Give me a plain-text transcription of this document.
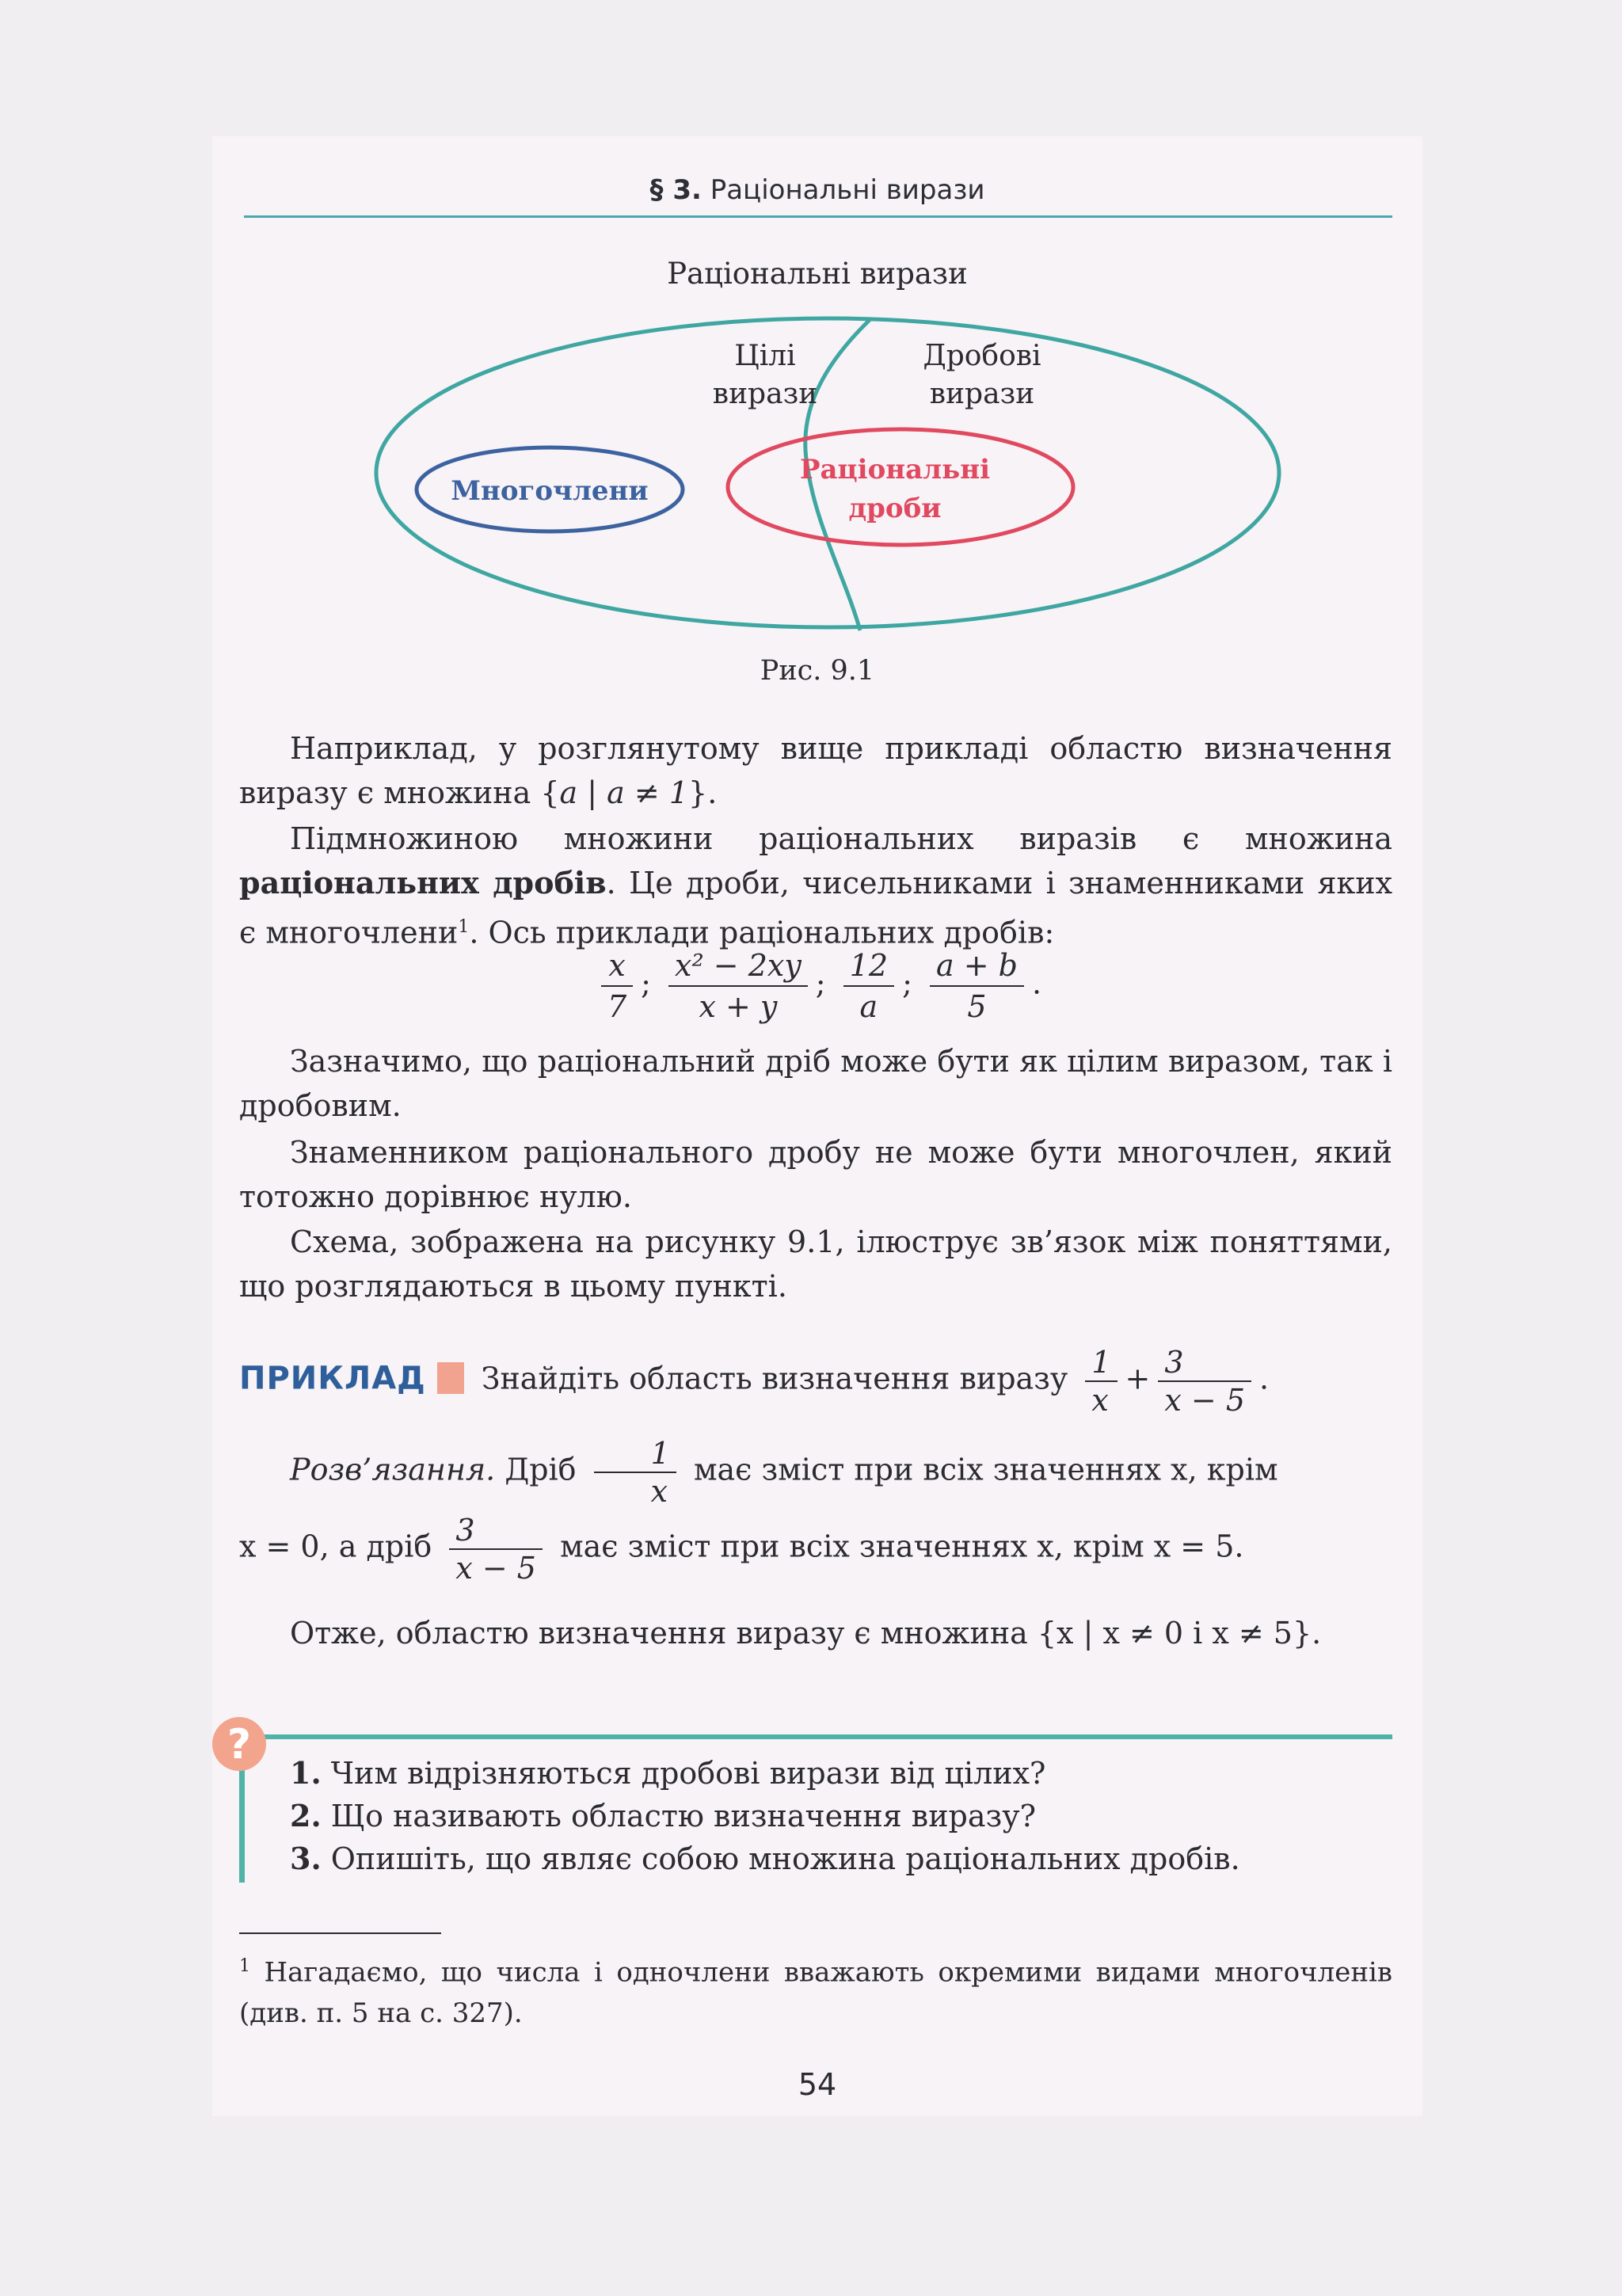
§ 3. Раціональні вирази
Раціональні вирази
Многочлени
Раціональні
дроби
Цілі
вирази
Дробові
вирази
Рис. 9.1
Наприклад, у розглянутому вище прикладі областю визначення виразу є множина {a | a ≠ 1}.
Підмножиною множини раціональних виразів є множина раціональних дробів. Це дроби, чисельниками і знаменниками яких є многочлени$^1$. Ось приклади раціональних дробів:
$\frac{x}{7}$ ; $\frac{\text{x² − 2xy}}{x + y}$ ; $\frac{12}{a}$ ; $\frac{a + b}{5}$ .
Зазначимо, що раціональний дріб може бути як цілим виразом, так і дробовим.
Знаменником раціонального дробу не може бути многочлен, який тотожно дорівнює нулю.
Схема, зображена на рисунку 9.1, ілюструє зв’язок між поняттями, що розглядаються в цьому пункті.
ПРИКЛАД Знайдіть область визначення виразу $\frac{1}{x} + \frac{3}{x - 5}$ .
Розв’язання. Дріб $\frac{1}{x}$ має зміст при всіх значеннях x, крім
x = 0, а дріб $\frac{3}{x - 5}$ має зміст при всіх значеннях x, крім x = 5.
Отже, областю визначення виразу є множина {x | x ≠ 0 і x ≠ 5}.
?
1. Чим відрізняються дробові вирази від цілих?
2. Що називають областю визначення виразу?
3. Опишіть, що являє собою множина раціональних дробів.
$^1$ Нагадаємо, що числа і одночлени вважають окремими видами многочленів (див. п. 5 на с. 327).
54
